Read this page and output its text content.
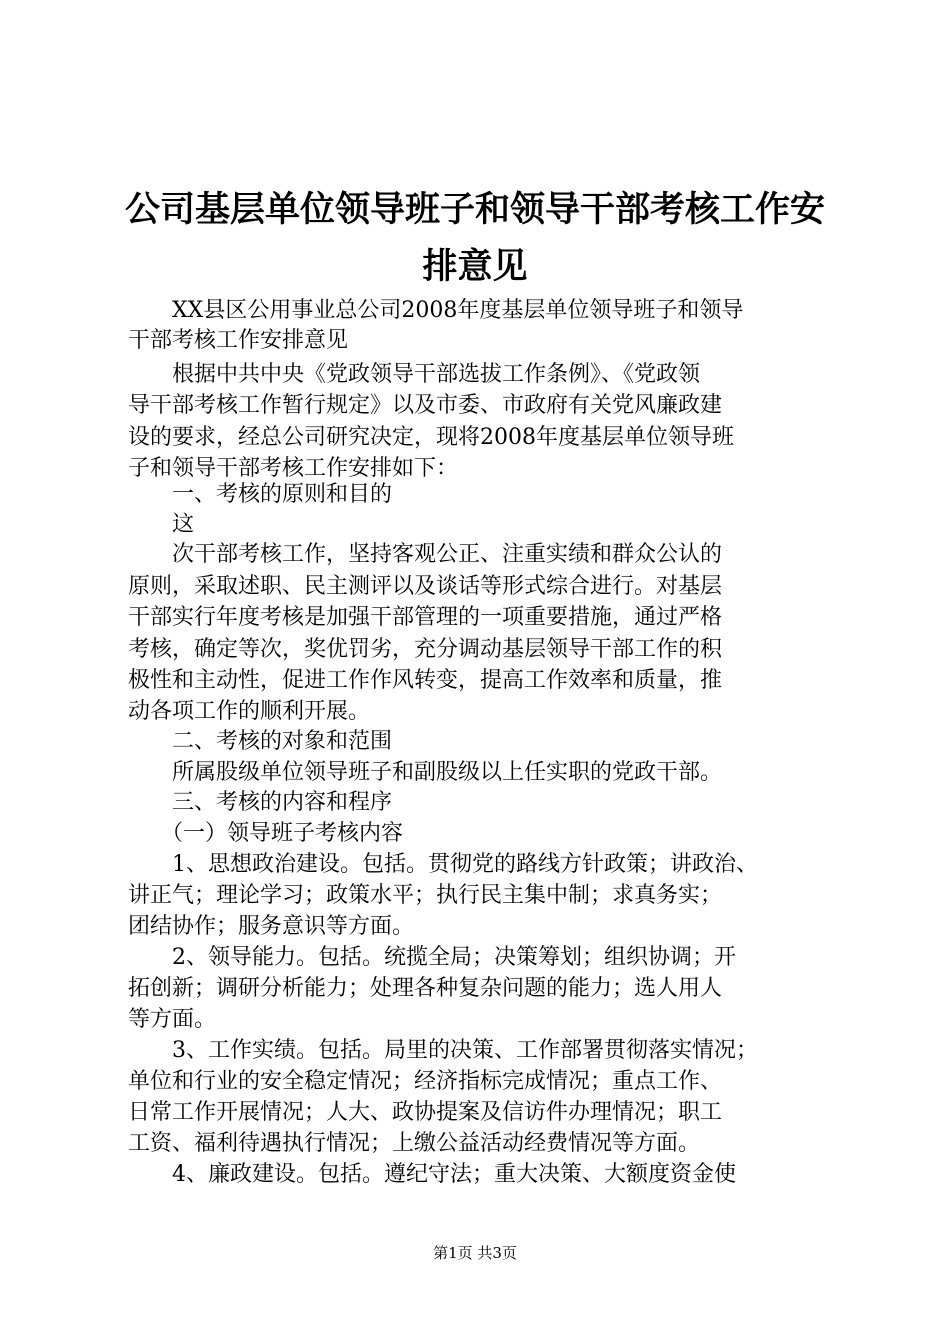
公司基层单位领导班子和领导干部考核工作安
排意见
　　XX县区公用事业总公司2008年度基层单位领导班子和领导
干部考核工作安排意见
　　根据中共中央《党政领导干部选拔工作条例》、《党政领
导干部考核工作暂行规定》以及市委、市政府有关党风廉政建
设的要求，经总公司研究决定，现将2008年度基层单位领导班
子和领导干部考核工作安排如下：
　　一、考核的原则和目的
　　这
　　次干部考核工作，坚持客观公正、注重实绩和群众公认的
原则，采取述职、民主测评以及谈话等形式综合进行。对基层
干部实行年度考核是加强干部管理的一项重要措施，通过严格
考核，确定等次，奖优罚劣，充分调动基层领导干部工作的积
极性和主动性，促进工作作风转变，提高工作效率和质量，推
动各项工作的顺利开展。
　　二、考核的对象和范围
　　所属股级单位领导班子和副股级以上任实职的党政干部。
　　三、考核的内容和程序
　　（一）领导班子考核内容
　　1、思想政治建设。包括。贯彻党的路线方针政策；讲政治、
讲正气；理论学习；政策水平；执行民主集中制；求真务实；
团结协作；服务意识等方面。
　　2、领导能力。包括。统揽全局；决策筹划；组织协调；开
拓创新；调研分析能力；处理各种复杂问题的能力；选人用人
等方面。
　　3、工作实绩。包括。局里的决策、工作部署贯彻落实情况；
单位和行业的安全稳定情况；经济指标完成情况；重点工作、
日常工作开展情况；人大、政协提案及信访件办理情况；职工
工资、福利待遇执行情况；上缴公益活动经费情况等方面。
　　4、廉政建设。包括。遵纪守法；重大决策、大额度资金使
第1页 共3页
